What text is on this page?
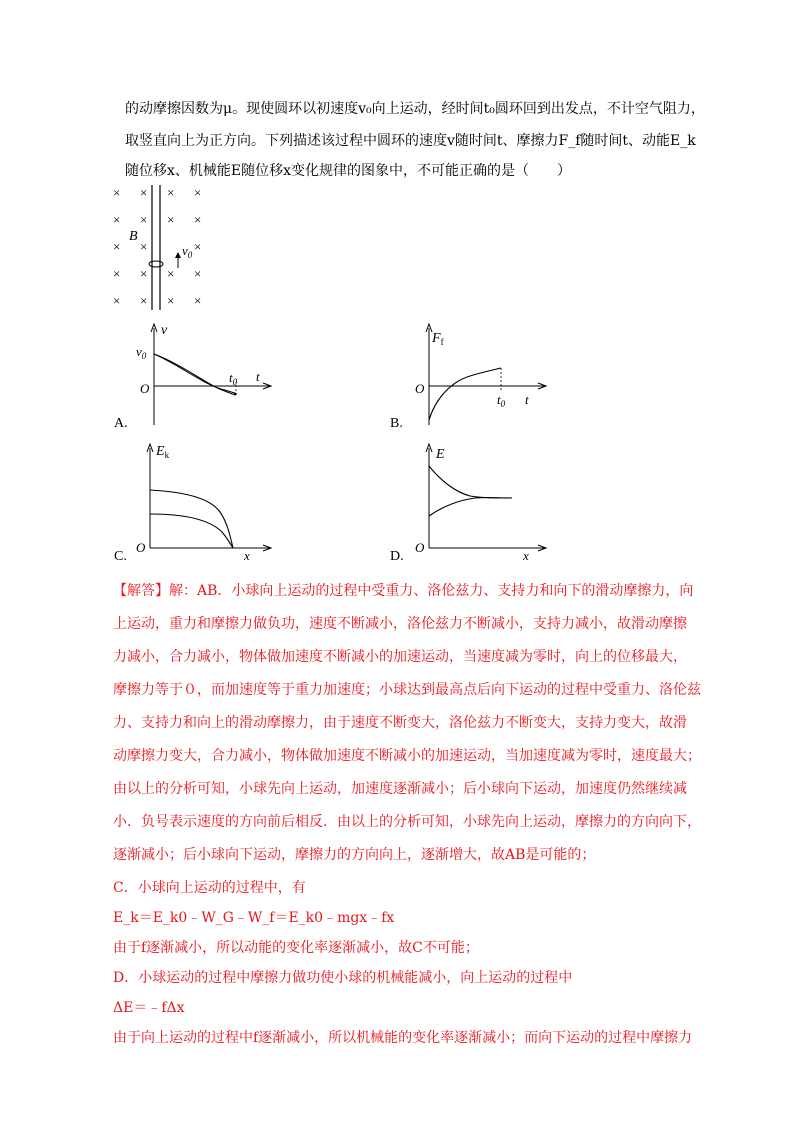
的动摩擦因数为μ。现使圆环以初速度v₀向上运动，经时间t₀圆环回到出发点，不计空气阻力，
取竖直向上为正方向。下列描述该过程中圆环的速度v随时间t、摩擦力F_f随时间t、动能E_k
随位移x、机械能E随位移x变化规律的图象中，不可能正确的是（　　）
× × × ×
× × × ×
×	×
×
× × × ×
× × × ×
B
$v_0$
v
$v_0$
O
$t_0$ t
A.
$F_f$
O
$t_0$ t
B.
$E_k$
O
x
C.
E
O
x
D.
【解答】解：AB．小球向上运动的过程中受重力、洛伦兹力、支持力和向下的滑动摩擦力，向
上运动，重力和摩擦力做负功，速度不断减小，洛伦兹力不断减小，支持力减小，故滑动摩擦
力减小，合力减小，物体做加速度不断减小的加速运动，当速度减为零时，向上的位移最大，
摩擦力等于０，而加速度等于重力加速度；小球达到最高点后向下运动的过程中受重力、洛伦兹
力、支持力和向上的滑动摩擦力，由于速度不断变大，洛伦兹力不断变大，支持力变大，故滑
动摩擦力变大，合力减小，物体做加速度不断减小的加速运动，当加速度减为零时，速度最大；
由以上的分析可知，小球先向上运动，加速度逐渐减小；后小球向下运动，加速度仍然继续减
小．负号表示速度的方向前后相反．由以上的分析可知，小球先向上运动，摩擦力的方向向下，
逐渐减小；后小球向下运动，摩擦力的方向向上，逐渐增大，故AB是可能的；
C．小球向上运动的过程中，有
E_k＝E_k0﹣W_G﹣W_f＝E_k0﹣mgx﹣fx
由于f逐渐减小，所以动能的变化率逐渐减小，故C不可能；
D．小球运动的过程中摩擦力做功使小球的机械能减小，向上运动的过程中
ΔE＝﹣fΔx
由于向上运动的过程中f逐渐减小，所以机械能的变化率逐渐减小；而向下运动的过程中摩擦力
